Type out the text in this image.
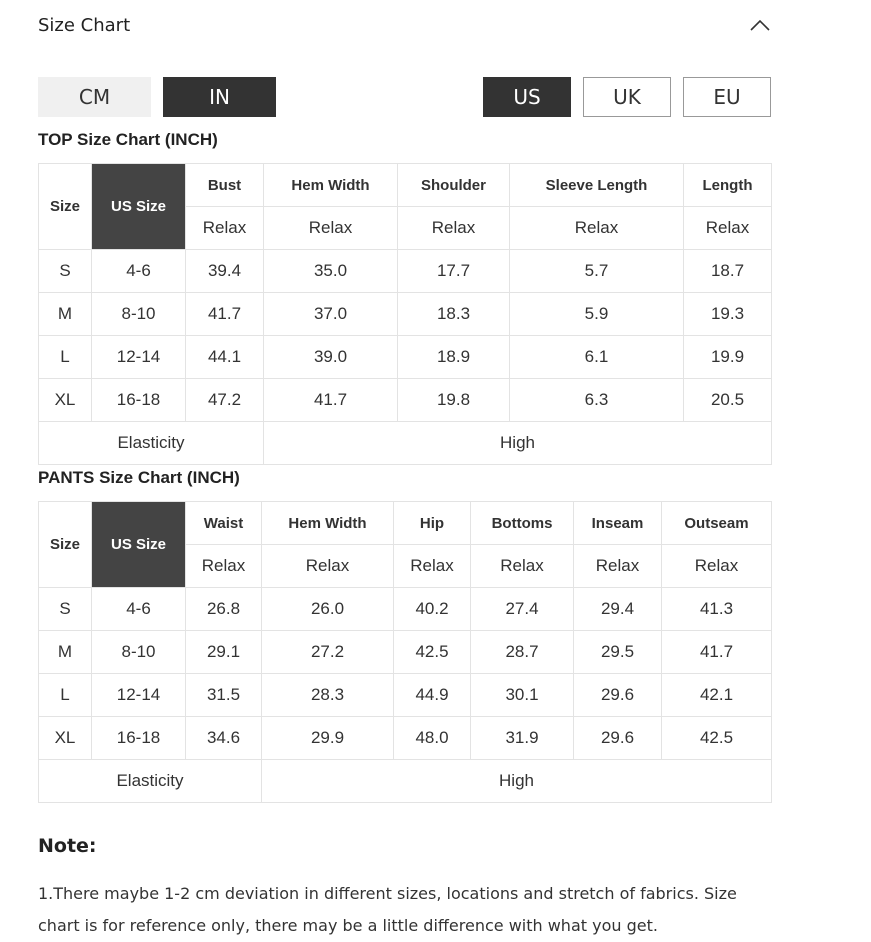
Size Chart
CM	IN	US	UK	EU
TOP Size Chart (INCH)
Size	US Size	Bust	Hem Width	Shoulder	Sleeve Length	Length
		Relax	Relax	Relax	Relax	Relax
S	4-6	39.4	35.0	17.7	5.7	18.7
M	8-10	41.7	37.0	18.3	5.9	19.3
L	12-14	44.1	39.0	18.9	6.1	19.9
XL	16-18	47.2	41.7	19.8	6.3	20.5
Elasticity			High			
PANTS Size Chart (INCH)
Size	US Size	Waist	Hem Width	Hip	Bottoms	Inseam	Outseam
		Relax	Relax	Relax	Relax	Relax	Relax
S	4-6	26.8	26.0	40.2	27.4	29.4	41.3
M	8-10	29.1	27.2	42.5	28.7	29.5	41.7
L	12-14	31.5	28.3	44.9	30.1	29.6	42.1
XL	16-18	34.6	29.9	48.0	31.9	29.6	42.5
Elasticity			High				
Note:
1.There maybe 1-2 cm deviation in different sizes, locations and stretch of fabrics. Size chart is for reference only, there may be a little difference with what you get.
